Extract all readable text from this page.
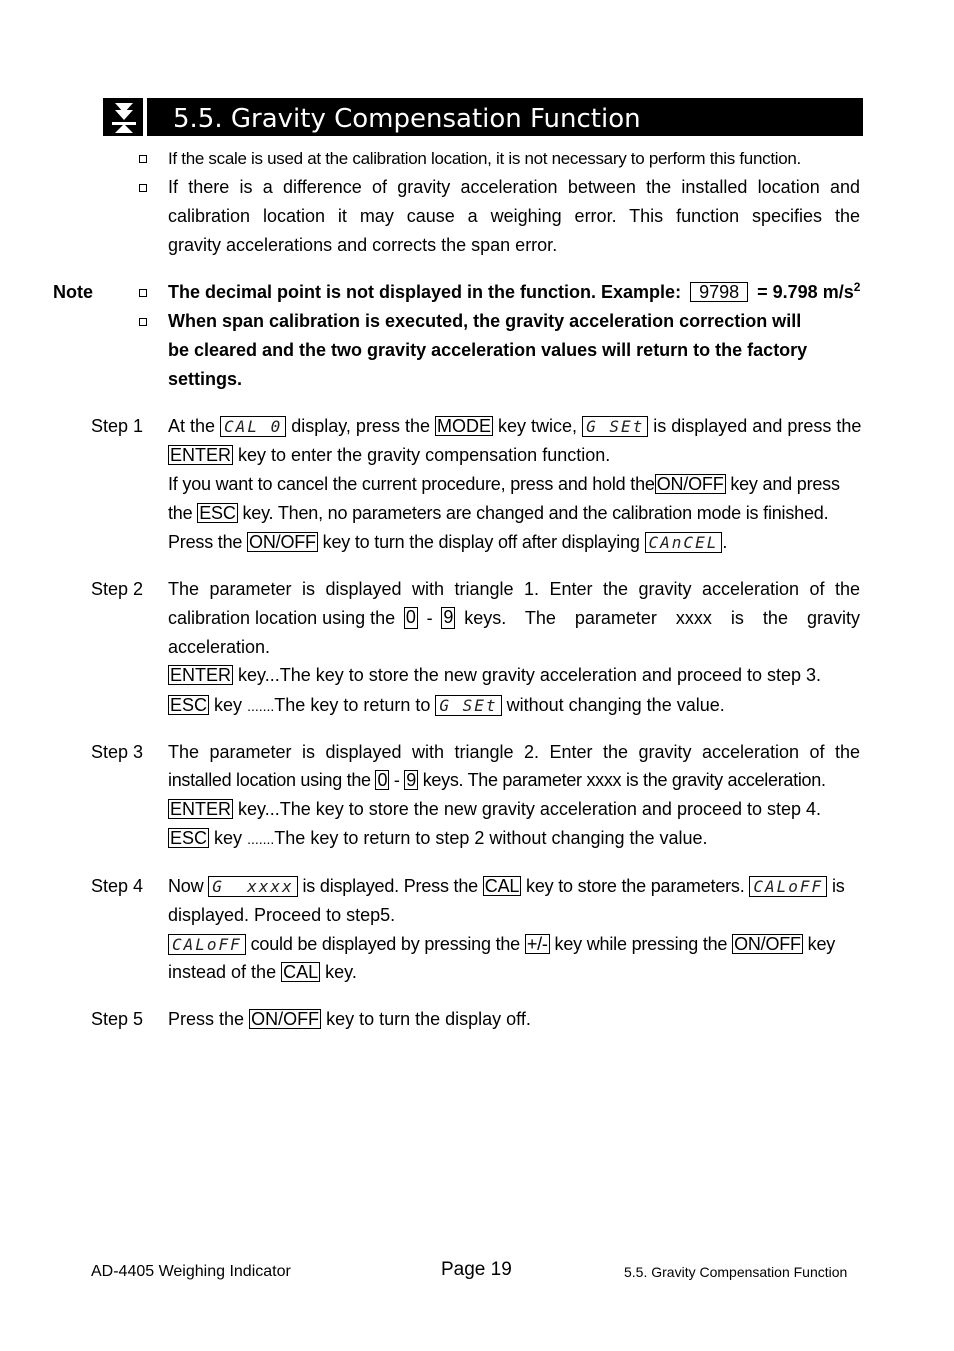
5.5. Gravity Compensation Function
If the scale is used at the calibration location, it is not necessary to perform this function.
If there is a difference of gravity acceleration between the installed location and
calibration location it may cause a weighing error. This function specifies the
gravity accelerations and corrects the span error.
Note	The decimal point is not displayed in the function. Example: 9798 = 9.798 $m/s^2$
When span calibration is executed, the gravity acceleration correction will
be cleared and the two gravity acceleration values will return to the factory
settings.
Step 1 At the CAL 0 display, press the MODE key twice, G SEt is displayed and press the
ENTER key to enter the gravity compensation function.
If you want to cancel the current procedure, press and hold the ON/OFF key and press
the ESC key. Then, no parameters are changed and the calibration mode is finished.
Press the ON/OFF key to turn the display off after displaying CAnCEL .
Step 2 The parameter is displayed with triangle 1. Enter the gravity acceleration of the
calibration location using the 0 - 9 keys. The parameter xxxx is the gravity
acceleration.
ENTER key...The key to store the new gravity acceleration and proceed to step 3.
ESC key .......The key to return to G SEt without changing the value.
Step 3 The parameter is displayed with triangle 2. Enter the gravity acceleration of the
installed location using the 0 - 9 keys. The parameter xxxx is the gravity acceleration.
ENTER key...The key to store the new gravity acceleration and proceed to step 4.
ESC key .......The key to return to step 2 without changing the value.
Step 4 Now G  xxxx is displayed. Press the CAL key to store the parameters. CALoFF is
displayed. Proceed to step5.
CALoFF could be displayed by pressing the +/- key while pressing the ON/OFF key
instead of the CAL key.
Step 5 Press the ON/OFF key to turn the display off.
AD-4405 Weighing Indicator	Page 19	5.5. Gravity Compensation Function
